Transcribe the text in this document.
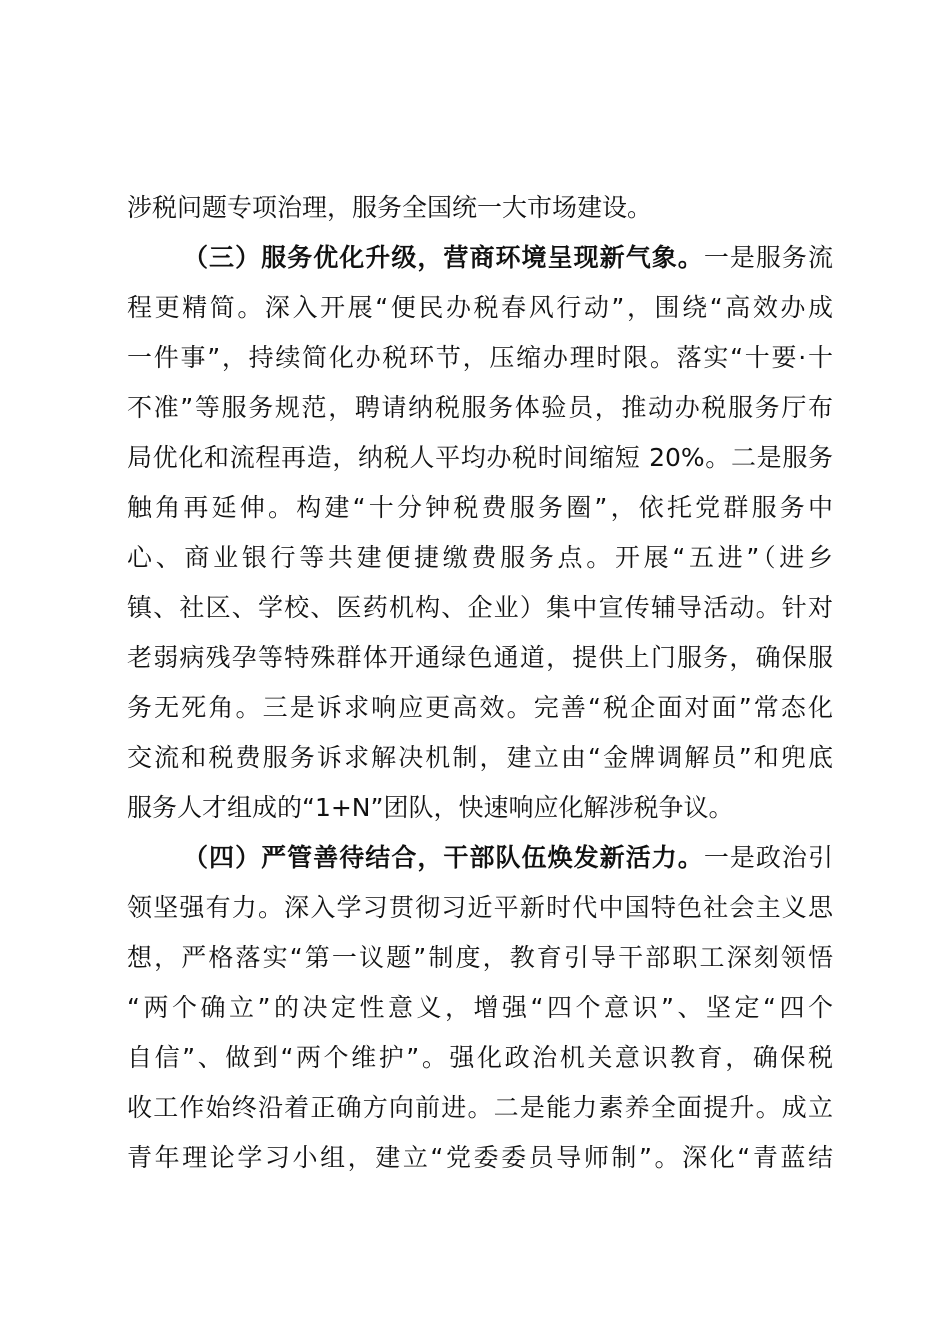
涉税问题专项治理，服务全国统一大市场建设。
（三）服务优化升级，营商环境呈现新气象。一是服务流
程更精简。深入开展“便民办税春风行动”，围绕“高效办成
一件事”，持续简化办税环节，压缩办理时限。落实“十要·十
不准”等服务规范，聘请纳税服务体验员，推动办税服务厅布
局优化和流程再造，纳税人平均办税时间缩短 20%。二是服务
触角再延伸。构建“十分钟税费服务圈”，依托党群服务中
心、商业银行等共建便捷缴费服务点。开展“五进”（进乡
镇、社区、学校、医药机构、企业）集中宣传辅导活动。针对
老弱病残孕等特殊群体开通绿色通道，提供上门服务，确保服
务无死角。三是诉求响应更高效。完善“税企面对面”常态化
交流和税费服务诉求解决机制，建立由“金牌调解员”和兜底
服务人才组成的“1+N”团队，快速响应化解涉税争议。
（四）严管善待结合，干部队伍焕发新活力。一是政治引
领坚强有力。深入学习贯彻习近平新时代中国特色社会主义思
想，严格落实“第一议题”制度，教育引导干部职工深刻领悟
“两个确立”的决定性意义，增强“四个意识”、坚定“四个
自信”、做到“两个维护”。强化政治机关意识教育，确保税
收工作始终沿着正确方向前进。二是能力素养全面提升。成立
青年理论学习小组，建立“党委委员导师制”。深化“青蓝结
